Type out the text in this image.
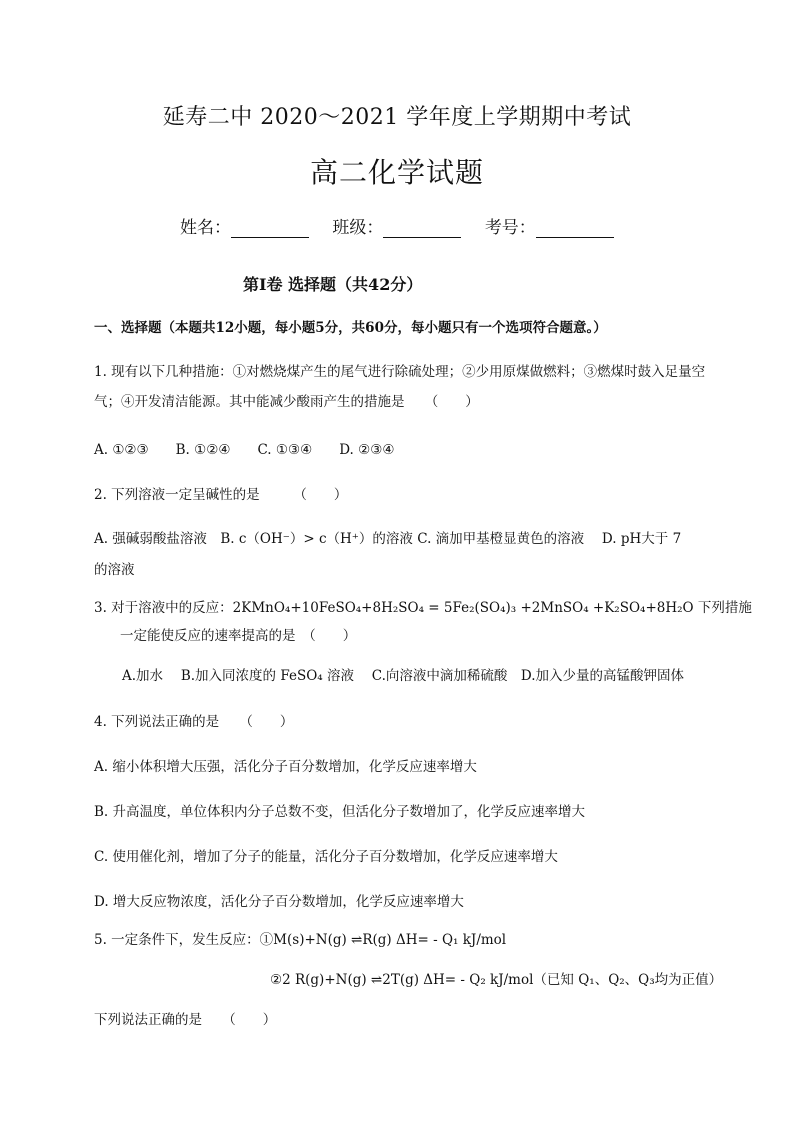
延寿二中 2020～2021 学年度上学期期中考试
高二化学试题
姓名：	班级：	考号：
第Ⅰ卷 选择题（共42分）
一、选择题（本题共12小题，每小题5分，共60分，每小题只有一个选项符合题意。）
1. 现有以下几种措施：①对燃烧煤产生的尾气进行除硫处理；②少用原煤做燃料；③燃煤时鼓入足量空气；④开发清洁能源。其中能减少酸雨产生的措施是　　（　　）
A. ①②③　　B. ①②④　　C. ①③④　　D. ②③④
2. 下列溶液一定呈碱性的是　　　（　　）
A. 强碱弱酸盐溶液　B. c（OH⁻）> c（H⁺）的溶液 C. 滴加甲基橙显黄色的溶液　 D. pH大于 7
的溶液
3. 对于溶液中的反应：2KMnO₄+10FeSO₄+8H₂SO₄ = 5Fe₂(SO₄)₃ +2MnSO₄ +K₂SO₄+8H₂O 下列措施
一定能使反应的速率提高的是　（　　）
A.加水　 B.加入同浓度的 FeSO₄ 溶液　 C.向溶液中滴加稀硫酸　D.加入少量的高锰酸钾固体
4. 下列说法正确的是　　（　　）
A. 缩小体积增大压强，活化分子百分数增加，化学反应速率增大
B. 升高温度，单位体积内分子总数不变，但活化分子数增加了，化学反应速率增大
C. 使用催化剂，增加了分子的能量，活化分子百分数增加，化学反应速率增大
D. 增大反应物浓度，活化分子百分数增加，化学反应速率增大
5. 一定条件下，发生反应：①M(s)+N(g) ⇌R(g) ΔH= - Q₁ kJ/mol
②2 R(g)+N(g) ⇌2T(g) ΔH= - Q₂ kJ/mol（已知 Q₁、Q₂、Q₃均为正值）
下列说法正确的是　　（　　）
